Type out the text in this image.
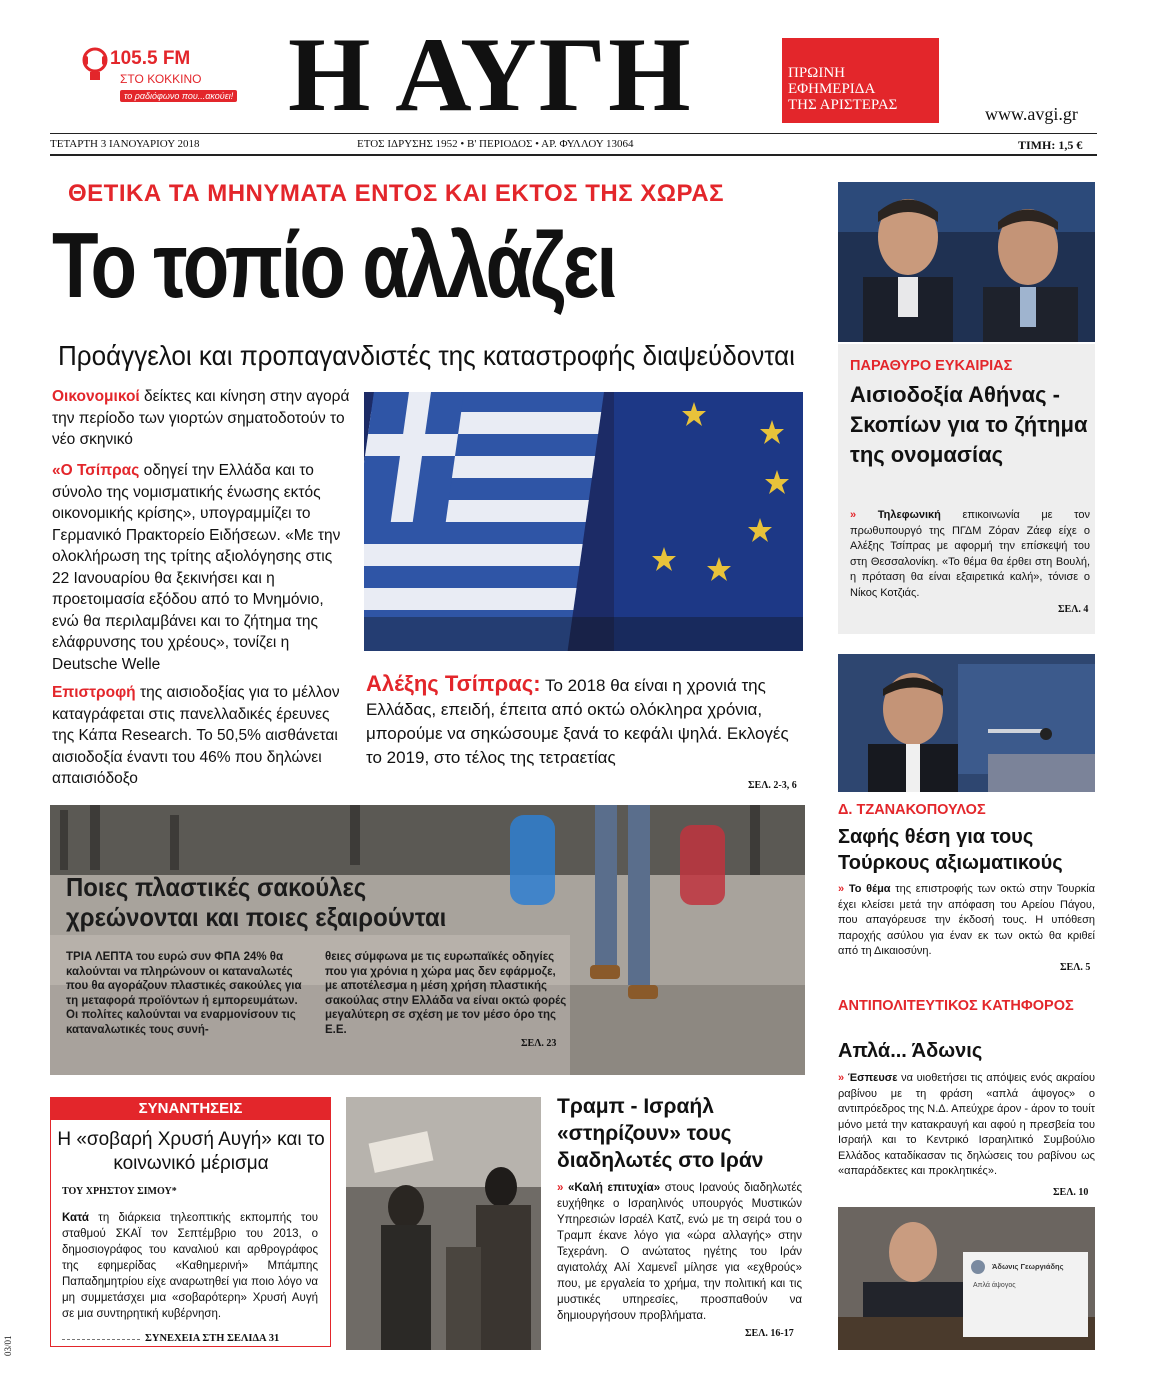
105.5 FM
ΣΤΟ ΚΟΚΚΙΝΟ
το ραδιόφωνο που...ακούει! Η ΑΥΓΗ	ΠΡΩΙΝΗ
ΕΦΗΜΕΡΙΔΑ
ΤΗΣ ΑΡΙΣΤΕΡΑΣ	www.avgi.gr
ΤΕΤΑΡΤΗ 3 ΙΑΝΟΥΑΡΙΟΥ 2018	ΕΤΟΣ ΙΔΡΥΣΗΣ 1952 • Β' ΠΕΡΙΟΔΟΣ • ΑΡ. ΦΥΛΛΟΥ 13064	ΤΙΜΗ: 1,5 €
ΘΕΤΙΚΑ ΤΑ ΜΗΝΥΜΑΤΑ ΕΝΤΟΣ ΚΑΙ ΕΚΤΟΣ ΤΗΣ ΧΩΡΑΣ
Το τοπίο αλλάζει
Προάγγελοι και προπαγανδιστές της καταστροφής διαψεύδονται
Οικονομικοί δείκτες και κίνηση στην αγορά την περίοδο των γιορτών σηματοδοτούν το νέο σκηνικό
«Ο Τσίπρας οδηγεί την Ελλάδα και το σύνολο της νομισματικής ένωσης εκτός οικονομικής κρίσης», υπογραμμίζει το Γερμανικό Πρακτορείο Ειδήσεων. «Με την ολοκλήρωση της τρίτης αξιολόγησης στις 22 Ιανουαρίου θα ξεκινήσει και η προετοιμασία εξόδου από το Μνημόνιο, ενώ θα περιλαμβάνει και το ζήτημα της ελάφρυνσης του χρέους», τονίζει η Deutsche Welle
Επιστροφή της αισιοδοξίας για το μέλλον καταγράφεται στις πανελλαδικές έρευνες της Κάπα Research. Το 50,5% αισθάνεται αισιοδοξία έναντι του 46% που δηλώνει απαισιόδοξο
Αλέξης Τσίπρας: Το 2018 θα είναι η χρονιά της Ελλάδας, επειδή, έπειτα από οκτώ ολόκληρα χρόνια, μπορούμε να σηκώσουμε ξανά το κεφάλι ψηλά. Εκλογές το 2019, στο τέλος της τετραετίας
ΣΕΛ. 2-3, 6
Ποιες πλαστικές σακούλες
χρεώνονται και ποιες εξαιρούνται
ΤΡΙΑ ΛΕΠΤΑ του ευρώ συν ΦΠΑ 24% θα καλούνται να πληρώνουν οι καταναλωτές που θα αγοράζουν πλαστικές σακούλες για τη μεταφορά προϊόντων ή εμπορευμάτων. Οι πολίτες καλούνται να εναρμονίσουν τις καταναλωτικές τους συνή-
θειες σύμφωνα με τις ευρωπαϊκές οδηγίες που για χρόνια η χώρα μας δεν εφάρμοζε, με αποτέλεσμα η μέση χρήση πλαστικής σακούλας στην Ελλάδα να είναι οκτώ φορές μεγαλύτερη σε σχέση με τον μέσο όρο της Ε.Ε.
ΣΕΛ. 23
ΣΥΝΑΝΤΗΣΕΙΣ
Η «σοβαρή Χρυσή Αυγή» και το κοινωνικό μέρισμα
ΤΟΥ ΧΡΗΣΤΟΥ ΣΙΜΟΥ*
Κατά τη διάρκεια τηλεοπτικής εκπομπής του σταθμού ΣΚΑΪ τον Σεπτέμβριο του 2013, ο δημοσιογράφος του καναλιού και αρθρογράφος της εφημερίδας «Καθημερινή» Μπάμπης Παπαδημητρίου είχε αναρωτηθεί για ποιο λόγο να μη συμμετάσχει μια «σοβαρότερη» Χρυσή Αυγή σε μια συντηρητική κυβέρνηση.
ΣΥΝΕΧΕΙΑ ΣΤΗ ΣΕΛΙΔΑ 31
Τραμπ - Ισραήλ «στηρίζουν» τους διαδηλωτές στο Ιράν
» «Καλή επιτυχία» στους Ιρανούς διαδηλωτές ευχήθηκε ο Ισραηλινός υπουργός Μυστικών Υπηρεσιών Ισραέλ Κατζ, ενώ με τη σειρά του ο Τραμπ έκανε λόγο για «ώρα αλλαγής» στην Τεχεράνη. Ο ανώτατος ηγέτης του Ιράν αγιατολάχ Αλί Χαμενεΐ μίλησε για «εχθρούς» που, με εργαλεία το χρήμα, την πολιτική και τις μυστικές υπηρεσίες, προσπαθούν να δημιουργήσουν προβλήματα.
ΣΕΛ. 16-17
ΠΑΡΑΘΥΡΟ ΕΥΚΑΙΡΙΑΣ
Αισιοδοξία Αθήνας - Σκοπίων για το ζήτημα της ονομασίας
» Τηλεφωνική επικοινωνία με τον πρωθυπουργό της ΠΓΔΜ Ζόραν Ζάεφ είχε ο Αλέξης Τσίπρας με αφορμή την επίσκεψή του στη Θεσσαλονίκη. «Το θέμα θα έρθει στη Βουλή, η πρόταση θα είναι εξαιρετικά καλή», τόνισε ο Νίκος Κοτζιάς.
ΣΕΛ. 4
Δ. ΤΖΑΝΑΚΟΠΟΥΛΟΣ
Σαφής θέση για τους Τούρκους αξιωματικούς
» Το θέμα της επιστροφής των οκτώ στην Τουρκία έχει κλείσει μετά την απόφαση του Αρείου Πάγου, που απαγόρευσε την έκδοσή τους. Η υπόθεση παροχής ασύλου για έναν εκ των οκτώ θα κριθεί από τη Δικαιοσύνη.
ΣΕΛ. 5
ΑΝΤΙΠΟΛΙΤΕΥΤΙΚΟΣ ΚΑΤΗΦΟΡΟΣ
Απλά... Άδωνις
» Έσπευσε να υιοθετήσει τις απόψεις ενός ακραίου ραβίνου με τη φράση «απλά άψογος» ο αντιπρόεδρος της Ν.Δ. Απεύχρε άρον - άρον το τουίτ μόνο μετά την κατακραυγή και αφού η πρεσβεία του Ισραήλ και το Κεντρικό Ισραηλιτικό Συμβούλιο Ελλάδος καταδίκασαν τις δηλώσεις του ραβίνου ως «απαράδεκτες και προκλητικές».
ΣΕΛ. 10
Άδωνις Γεωργιάδης
Απλά άψογος
03/01
